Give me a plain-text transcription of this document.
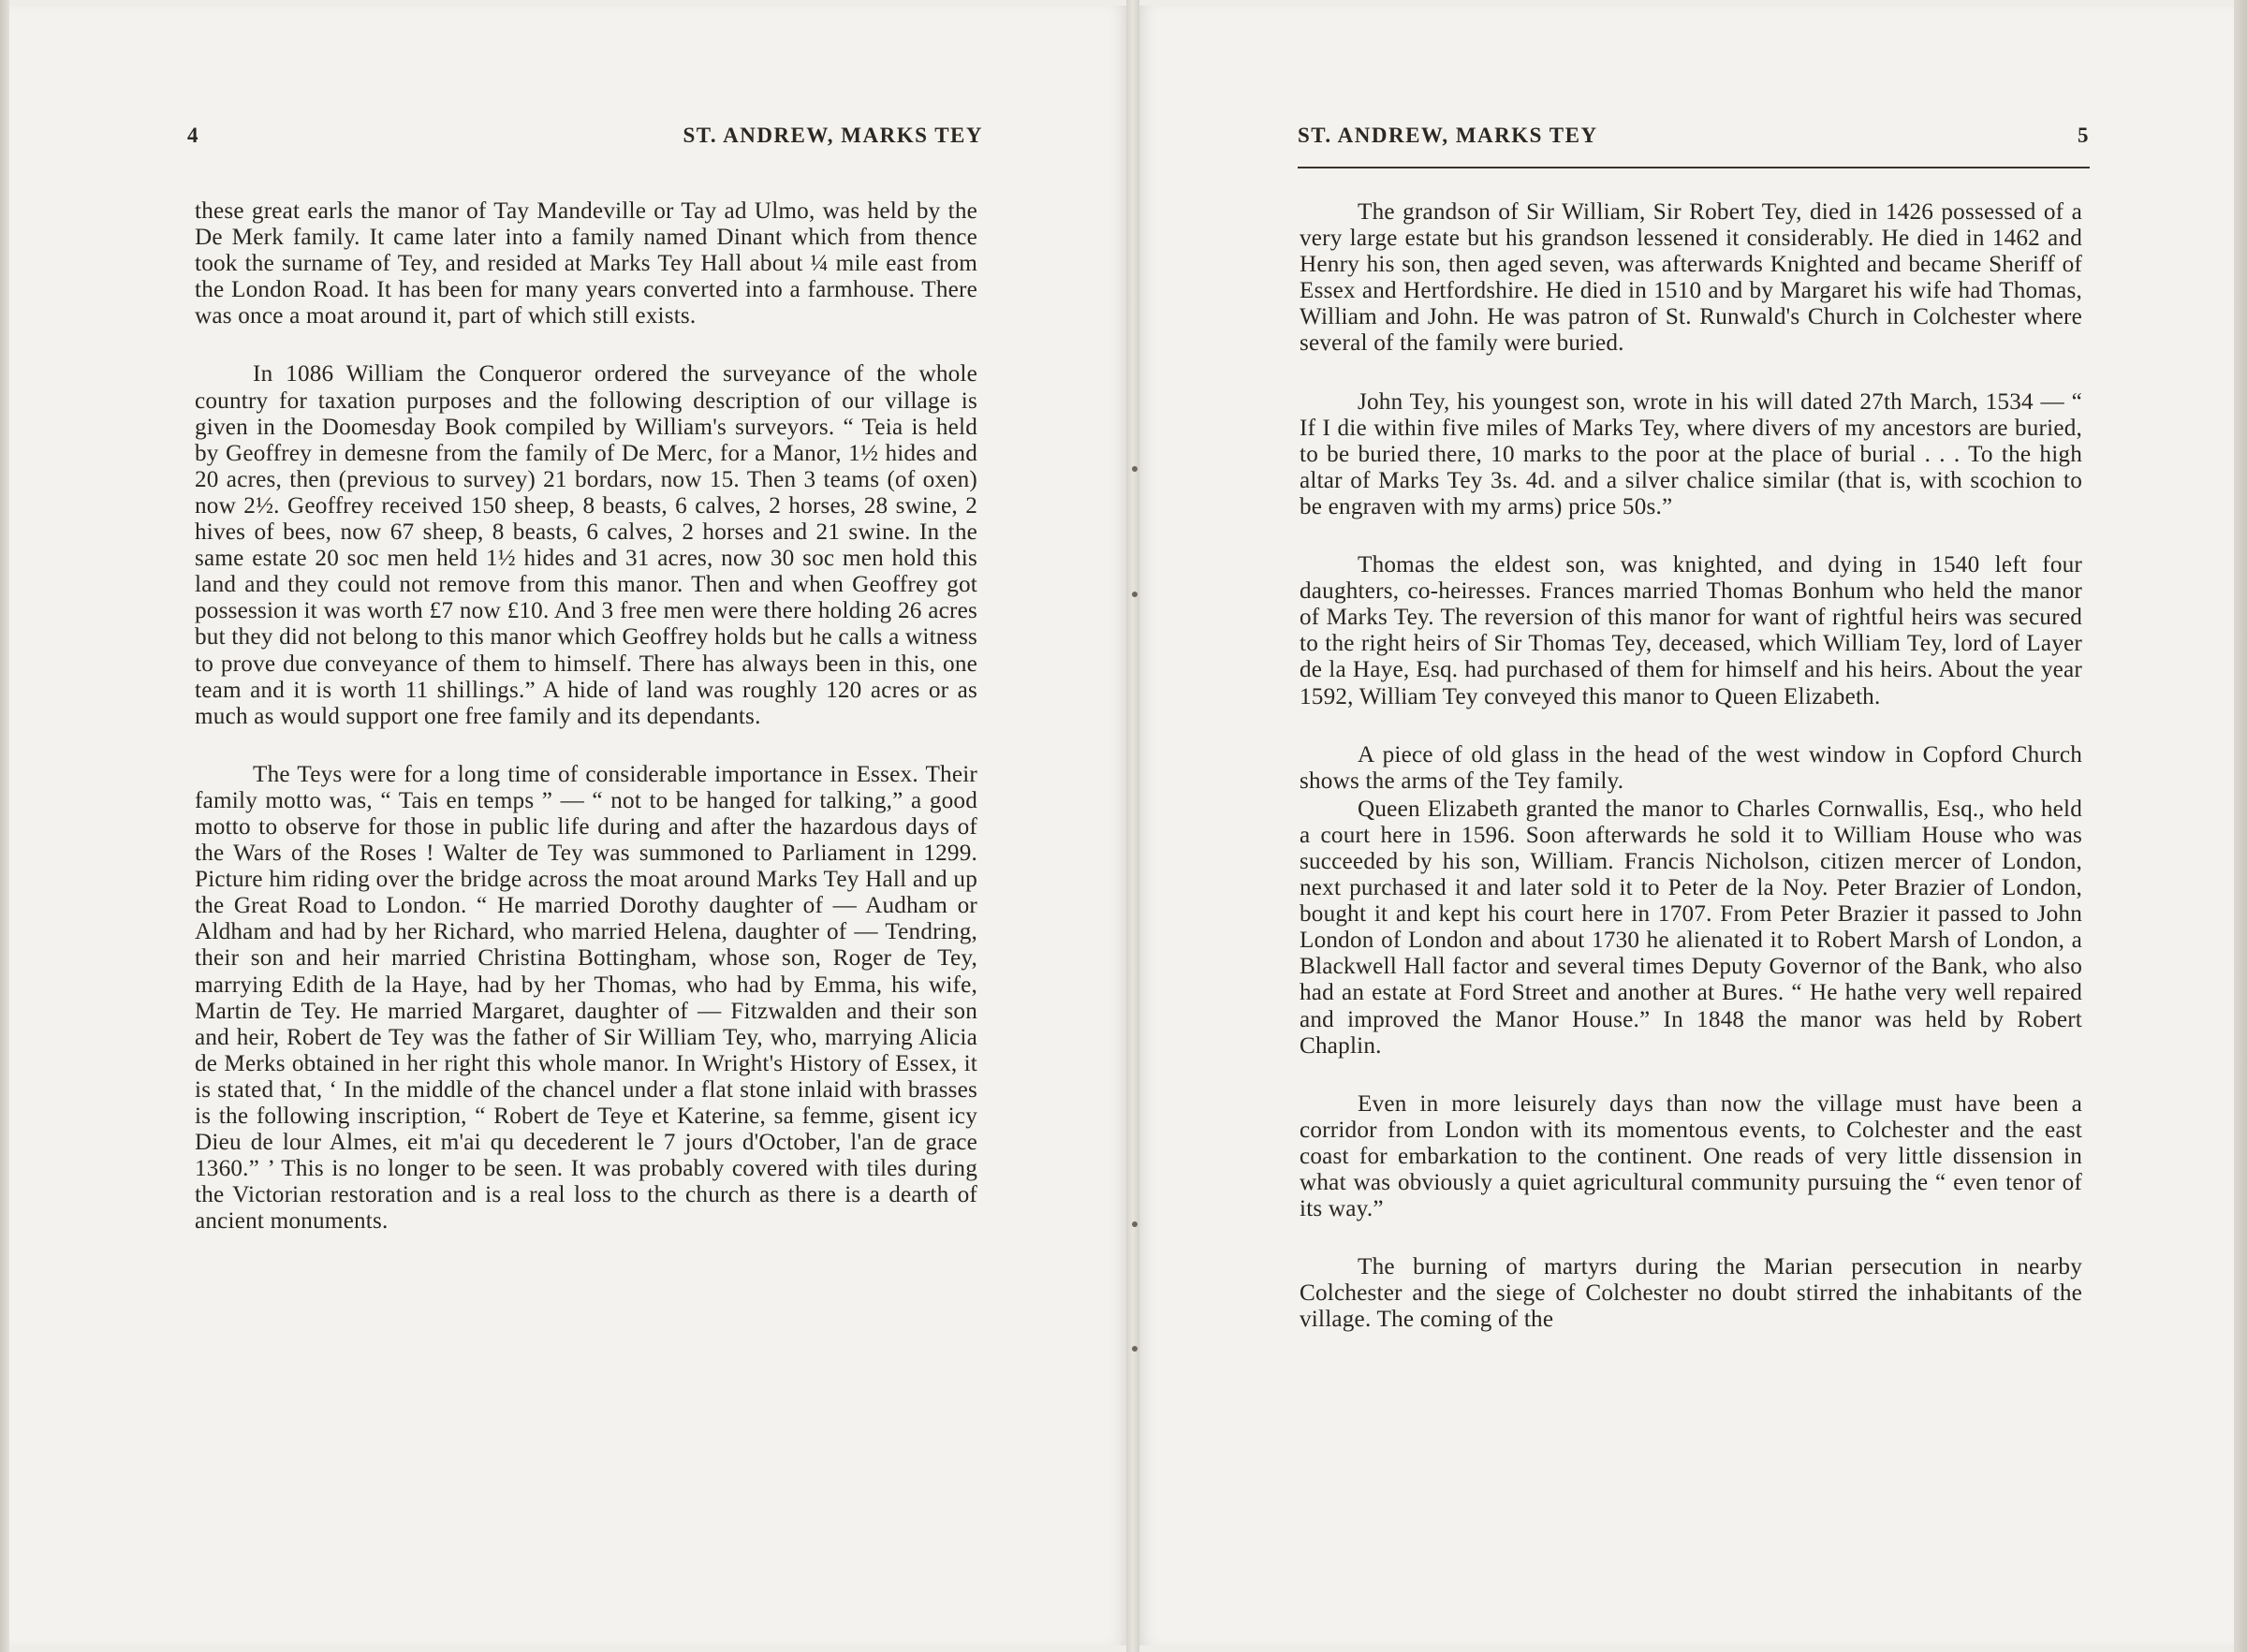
4	ST. ANDREW, MARKS TEY	ST. ANDREW, MARKS TEY	5

these great earls the manor of Tay Mandeville or Tay ad Ulmo, was held by the De Merk family. It came later into a family named Dinant which from thence took the surname of Tey, and resided at Marks Tey Hall about ¼ mile east from the London Road. It has been for many years converted into a farmhouse. There was once a moat around it, part of which still exists.

In 1086 William the Conqueror ordered the surveyance of the whole country for taxation purposes and the following description of our village is given in the Doomesday Book compiled by William's surveyors. “ Teia is held by Geoffrey in demesne from the family of De Merc, for a Manor, 1½ hides and 20 acres, then (previous to survey) 21 bordars, now 15. Then 3 teams (of oxen) now 2½. Geoffrey received 150 sheep, 8 beasts, 6 calves, 2 horses, 28 swine, 2 hives of bees, now 67 sheep, 8 beasts, 6 calves, 2 horses and 21 swine. In the same estate 20 soc men held 1½ hides and 31 acres, now 30 soc men hold this land and they could not remove from this manor. Then and when Geoffrey got possession it was worth £7 now £10. And 3 free men were there holding 26 acres but they did not belong to this manor which Geoffrey holds but he calls a witness to prove due conveyance of them to himself. There has always been in this, one team and it is worth 11 shillings.” A hide of land was roughly 120 acres or as much as would support one free family and its dependants.

The Teys were for a long time of considerable importance in Essex. Their family motto was, “ Tais en temps ” — “ not to be hanged for talking,” a good motto to observe for those in public life during and after the hazardous days of the Wars of the Roses ! Walter de Tey was summoned to Parliament in 1299. Picture him riding over the bridge across the moat around Marks Tey Hall and up the Great Road to London. “ He married Dorothy daughter of — Audham or Aldham and had by her Richard, who married Helena, daughter of — Tendring, their son and heir married Christina Bottingham, whose son, Roger de Tey, marrying Edith de la Haye, had by her Thomas, who had by Emma, his wife, Martin de Tey. He married Margaret, daughter of — Fitzwalden and their son and heir, Robert de Tey was the father of Sir William Tey, who, marrying Alicia de Merks obtained in her right this whole manor. In Wright's History of Essex, it is stated that, ‘ In the middle of the chancel under a flat stone inlaid with brasses is the following inscription, “ Robert de Teye et Katerine, sa femme, gisent icy Dieu de lour Almes, eit m'ai qu decederent le 7 jours d'October, l'an de grace 1360.” ’ This is no longer to be seen. It was probably covered with tiles during the Victorian restoration and is a real loss to the church as there is a dearth of ancient monuments.

The grandson of Sir William, Sir Robert Tey, died in 1426 possessed of a very large estate but his grandson lessened it considerably. He died in 1462 and Henry his son, then aged seven, was afterwards Knighted and became Sheriff of Essex and Hertfordshire. He died in 1510 and by Margaret his wife had Thomas, William and John. He was patron of St. Runwald's Church in Colchester where several of the family were buried.

John Tey, his youngest son, wrote in his will dated 27th March, 1534 — “ If I die within five miles of Marks Tey, where divers of my ancestors are buried, to be buried there, 10 marks to the poor at the place of burial . . . To the high altar of Marks Tey 3s. 4d. and a silver chalice similar (that is, with scochion to be engraven with my arms) price 50s.”

Thomas the eldest son, was knighted, and dying in 1540 left four daughters, co-heiresses. Frances married Thomas Bonhum who held the manor of Marks Tey. The reversion of this manor for want of rightful heirs was secured to the right heirs of Sir Thomas Tey, deceased, which William Tey, lord of Layer de la Haye, Esq. had purchased of them for himself and his heirs. About the year 1592, William Tey conveyed this manor to Queen Elizabeth.

A piece of old glass in the head of the west window in Copford Church shows the arms of the Tey family.

Queen Elizabeth granted the manor to Charles Cornwallis, Esq., who held a court here in 1596. Soon afterwards he sold it to William House who was succeeded by his son, William. Francis Nicholson, citizen mercer of London, next purchased it and later sold it to Peter de la Noy. Peter Brazier of London, bought it and kept his court here in 1707. From Peter Brazier it passed to John London of London and about 1730 he alienated it to Robert Marsh of London, a Blackwell Hall factor and several times Deputy Governor of the Bank, who also had an estate at Ford Street and another at Bures. “ He hathe very well repaired and improved the Manor House.” In 1848 the manor was held by Robert Chaplin.

Even in more leisurely days than now the village must have been a corridor from London with its momentous events, to Colchester and the east coast for embarkation to the continent. One reads of very little dissension in what was obviously a quiet agricultural community pursuing the “ even tenor of its way.”

The burning of martyrs during the Marian persecution in nearby Colchester and the siege of Colchester no doubt stirred the inhabitants of the village. The coming of the
